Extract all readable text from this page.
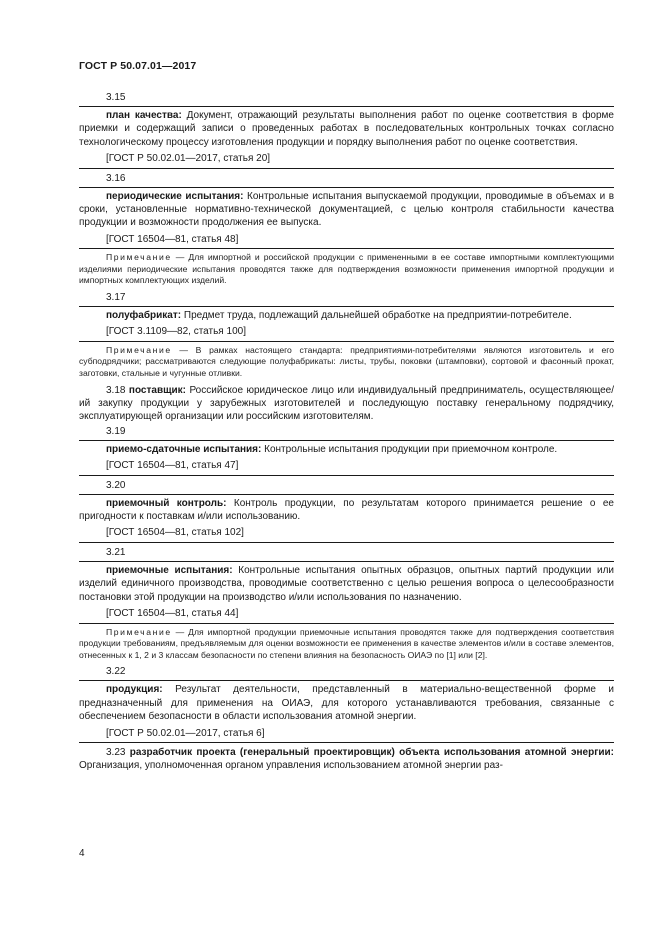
ГОСТ Р 50.07.01—2017
3.15

план качества: Документ, отражающий результаты выполнения работ по оценке соответствия в форме приемки и содержащий записи о проведенных работах в последовательных контрольных точках согласно технологическому процессу изготовления продукции и порядку выполнения работ по оценке соответствия.

[ГОСТ Р 50.02.01—2017, статья 20]

3.16

периодические испытания: Контрольные испытания выпускаемой продукции, проводимые в объемах и в сроки, установленные нормативно-технической документацией, с целью контроля стабильности качества продукции и возможности продолжения ее выпуска.

[ГОСТ 16504—81, статья 48]

Примечание — Для импортной и российской продукции с примененными в ее составе импортными комплектующими изделиями периодические испытания проводятся также для подтверждения возможности применения импортной продукции и импортных комплектующих изделий.

3.17

полуфабрикат: Предмет труда, подлежащий дальнейшей обработке на предприятии-потребителе.

[ГОСТ 3.1109—82, статья 100]

Примечание — В рамках настоящего стандарта: предприятиями-потребителями являются изготовитель и его субподрядчики; рассматриваются следующие полуфабрикаты: листы, трубы, поковки (штамповки), сортовой и фасонный прокат, заготовки, стальные и чугунные отливки.

3.18 поставщик: Российское юридическое лицо или индивидуальный предприниматель, осуществляющее/ий закупку продукции у зарубежных изготовителей и последующую поставку генеральному подрядчику, эксплуатирующей организации или российским изготовителям.

3.19

приемо-сдаточные испытания: Контрольные испытания продукции при приемочном контроле.

[ГОСТ 16504—81, статья 47]

3.20

приемочный контроль: Контроль продукции, по результатам которого принимается решение о ее пригодности к поставкам и/или использованию.

[ГОСТ 16504—81, статья 102]

3.21

приемочные испытания: Контрольные испытания опытных образцов, опытных партий продукции или изделий единичного производства, проводимые соответственно с целью решения вопроса о целесообразности постановки этой продукции на производство и/или использования по назначению.

[ГОСТ 16504—81, статья 44]

Примечание — Для импортной продукции приемочные испытания проводятся также для подтверждения соответствия продукции требованиям, предъявляемым для оценки возможности ее применения в качестве элементов и/или в составе элементов, отнесенных к 1, 2 и 3 классам безопасности по степени влияния на безопасность ОИАЭ по [1] или [2].

3.22

продукция: Результат деятельности, представленный в материально-вещественной форме и предназначенный для применения на ОИАЭ, для которого устанавливаются требования, связанные с обеспечением безопасности в области использования атомной энергии.

[ГОСТ Р 50.02.01—2017, статья 6]

3.23 разработчик проекта (генеральный проектировщик) объекта использования атомной энергии: Организация, уполномоченная органом управления использованием атомной энергии раз-

4
